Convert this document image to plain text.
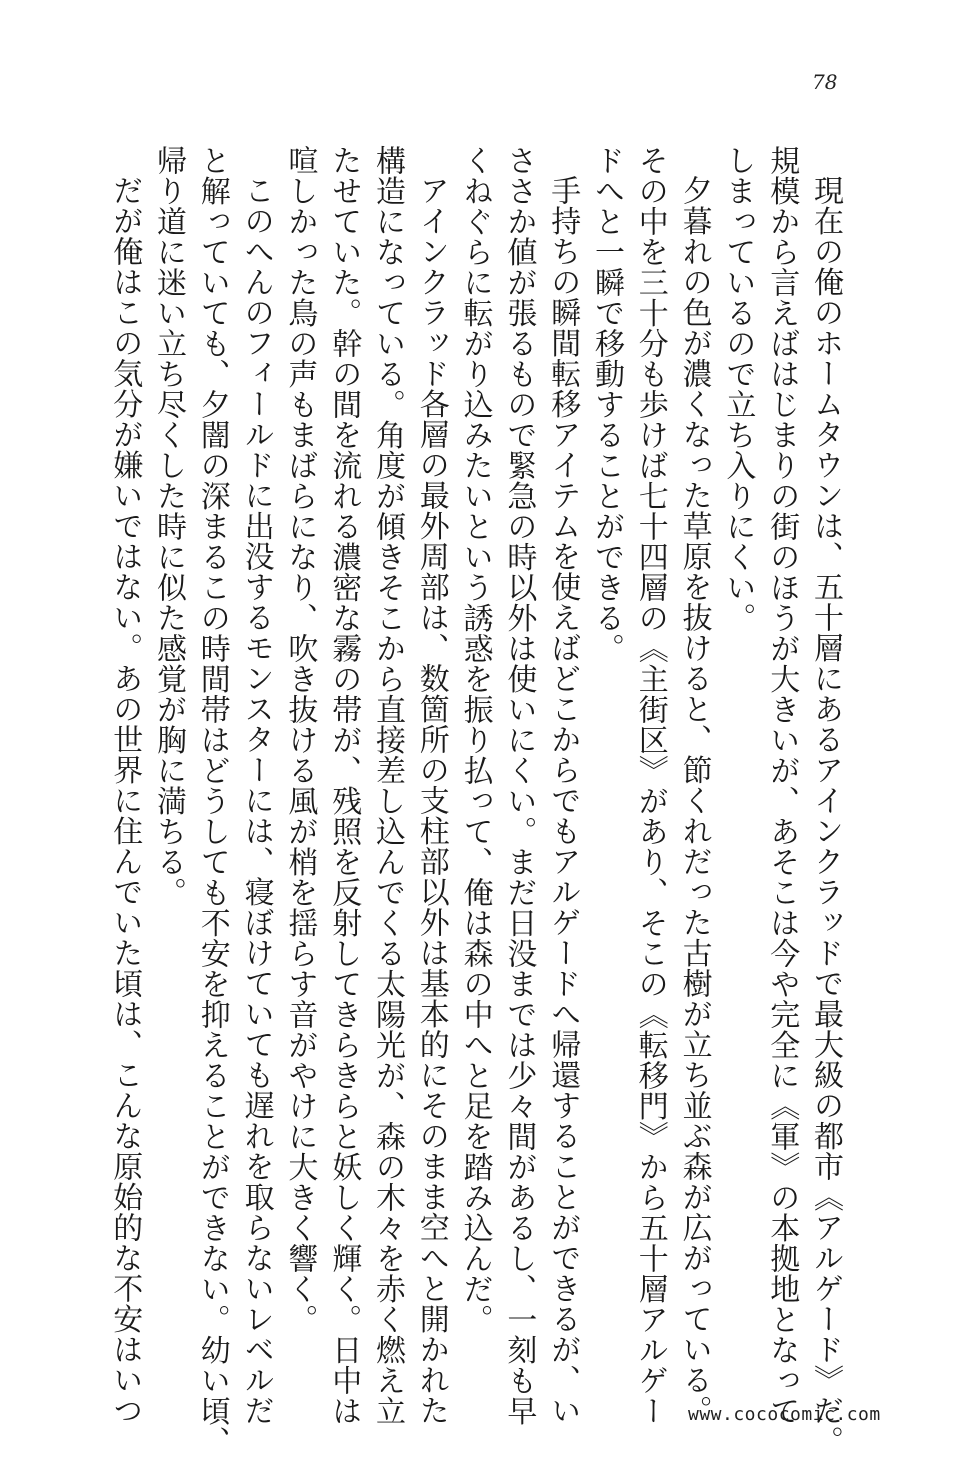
78
現在の俺のホームタウンは、五十層にあるアインクラッドで最大級の都市《アルゲード》だ。
規模から言えばはじまりの街のほうが大きいが、あそこは今や完全に《軍》の本拠地となって
しまっているので立ち入りにくい。
夕暮れの色が濃くなった草原を抜けると、節くれだった古樹が立ち並ぶ森が広がっている。
その中を三十分も歩けば七十四層の《主街区》があり、そこの《転移門》から五十層アルゲー
ドへと一瞬で移動することができる。
手持ちの瞬間転移アイテムを使えばどこからでもアルゲードへ帰還することができるが、い
ささか値が張るもので緊急の時以外は使いにくい。まだ日没までは少々間があるし、一刻も早
くねぐらに転がり込みたいという誘惑を振り払って、俺は森の中へと足を踏み込んだ。
アインクラッド各層の最外周部は、数箇所の支柱部以外は基本的にそのまま空へと開かれた
構造になっている。角度が傾きそこから直接差し込んでくる太陽光が、森の木々を赤く燃え立
たせていた。幹の間を流れる濃密な霧の帯が、残照を反射してきらきらと妖しく輝く。日中は
喧しかった鳥の声もまばらになり、吹き抜ける風が梢を揺らす音がやけに大きく響く。
このへんのフィールドに出没するモンスターには、寝ぼけていても遅れを取らないレベルだ
と解っていても、夕闇の深まるこの時間帯はどうしても不安を抑えることができない。幼い頃、
帰り道に迷い立ち尽くした時に似た感覚が胸に満ちる。
だが俺はこの気分が嫌いではない。あの世界に住んでいた頃は、こんな原始的な不安はいつ	www.cococomic.com
